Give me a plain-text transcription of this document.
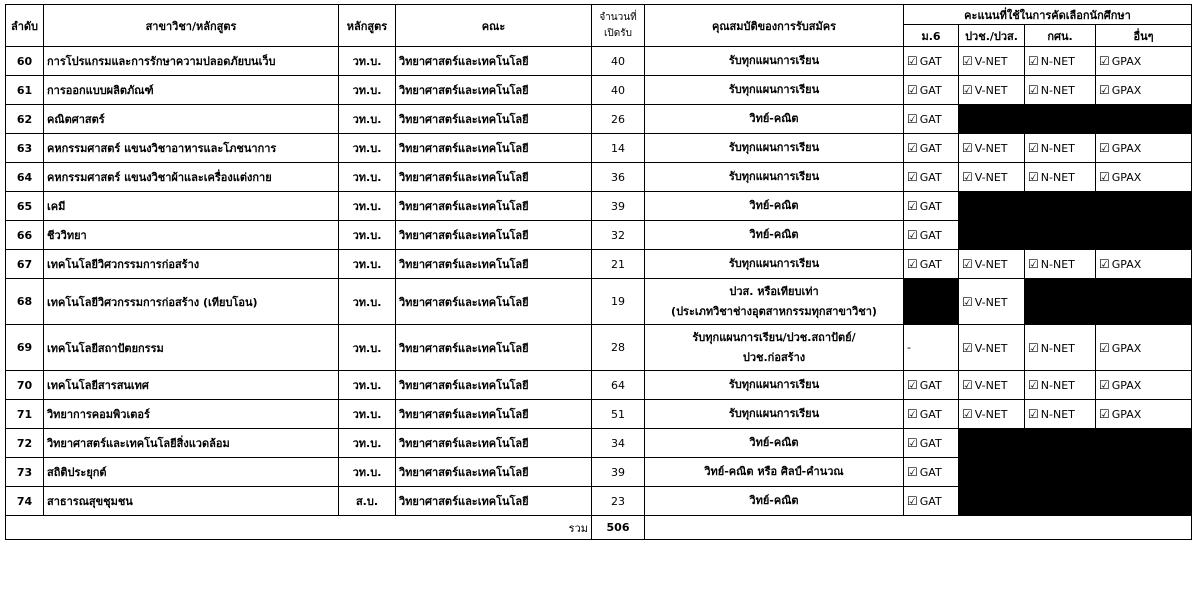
ลำดับ	สาขาวิชา/หลักสูตร	หลักสูตร	คณะ	จำนวนที่
เปิดรับ	คุณสมบัติของการรับสมัคร	คะแนนที่ใช้ในการคัดเลือกนักศึกษา			
						ม.6	ปวช./ปวส.	กศน.	อื่นๆ
60	การโปรแกรมและการรักษาความปลอดภัยบนเว็บ	วท.บ.	วิทยาศาสตร์และเทคโนโลยี	40	รับทุกแผนการเรียน	☑ GAT	☑ V-NET	☑ N-NET	☑ GPAX
61	การออกแบบผลิตภัณฑ์	วท.บ.	วิทยาศาสตร์และเทคโนโลยี	40	รับทุกแผนการเรียน	☑ GAT	☑ V-NET	☑ N-NET	☑ GPAX
62	คณิตศาสตร์	วท.บ.	วิทยาศาสตร์และเทคโนโลยี	26	วิทย์-คณิต	☑ GAT			
63	คหกรรมศาสตร์ แขนงวิชาอาหารและโภชนาการ	วท.บ.	วิทยาศาสตร์และเทคโนโลยี	14	รับทุกแผนการเรียน	☑ GAT	☑ V-NET	☑ N-NET	☑ GPAX
64	คหกรรมศาสตร์ แขนงวิชาผ้าและเครื่องแต่งกาย	วท.บ.	วิทยาศาสตร์และเทคโนโลยี	36	รับทุกแผนการเรียน	☑ GAT	☑ V-NET	☑ N-NET	☑ GPAX
65	เคมี	วท.บ.	วิทยาศาสตร์และเทคโนโลยี	39	วิทย์-คณิต	☑ GAT			
66	ชีววิทยา	วท.บ.	วิทยาศาสตร์และเทคโนโลยี	32	วิทย์-คณิต	☑ GAT			
67	เทคโนโลยีวิศวกรรมการก่อสร้าง	วท.บ.	วิทยาศาสตร์และเทคโนโลยี	21	รับทุกแผนการเรียน	☑ GAT	☑ V-NET	☑ N-NET	☑ GPAX
68	เทคโนโลยีวิศวกรรมการก่อสร้าง (เทียบโอน)	วท.บ.	วิทยาศาสตร์และเทคโนโลยี	19	ปวส. หรือเทียบเท่า
(ประเภทวิชาช่างอุตสาหกรรมทุกสาขาวิชา)		☑ V-NET		
69	เทคโนโลยีสถาปัตยกรรม	วท.บ.	วิทยาศาสตร์และเทคโนโลยี	28	รับทุกแผนการเรียน/ปวช.สถาปัตย์/
ปวช.ก่อสร้าง	-	☑ V-NET	☑ N-NET	☑ GPAX
70	เทคโนโลยีสารสนเทศ	วท.บ.	วิทยาศาสตร์และเทคโนโลยี	64	รับทุกแผนการเรียน	☑ GAT	☑ V-NET	☑ N-NET	☑ GPAX
71	วิทยาการคอมพิวเตอร์	วท.บ.	วิทยาศาสตร์และเทคโนโลยี	51	รับทุกแผนการเรียน	☑ GAT	☑ V-NET	☑ N-NET	☑ GPAX
72	วิทยาศาสตร์และเทคโนโลยีสิ่งแวดล้อม	วท.บ.	วิทยาศาสตร์และเทคโนโลยี	34	วิทย์-คณิต	☑ GAT			
73	สถิติประยุกต์	วท.บ.	วิทยาศาสตร์และเทคโนโลยี	39	วิทย์-คณิต หรือ ศิลป์-คำนวณ	☑ GAT			
74	สาธารณสุขชุมชน	ส.บ.	วิทยาศาสตร์และเทคโนโลยี	23	วิทย์-คณิต	☑ GAT			
รวม				506					
